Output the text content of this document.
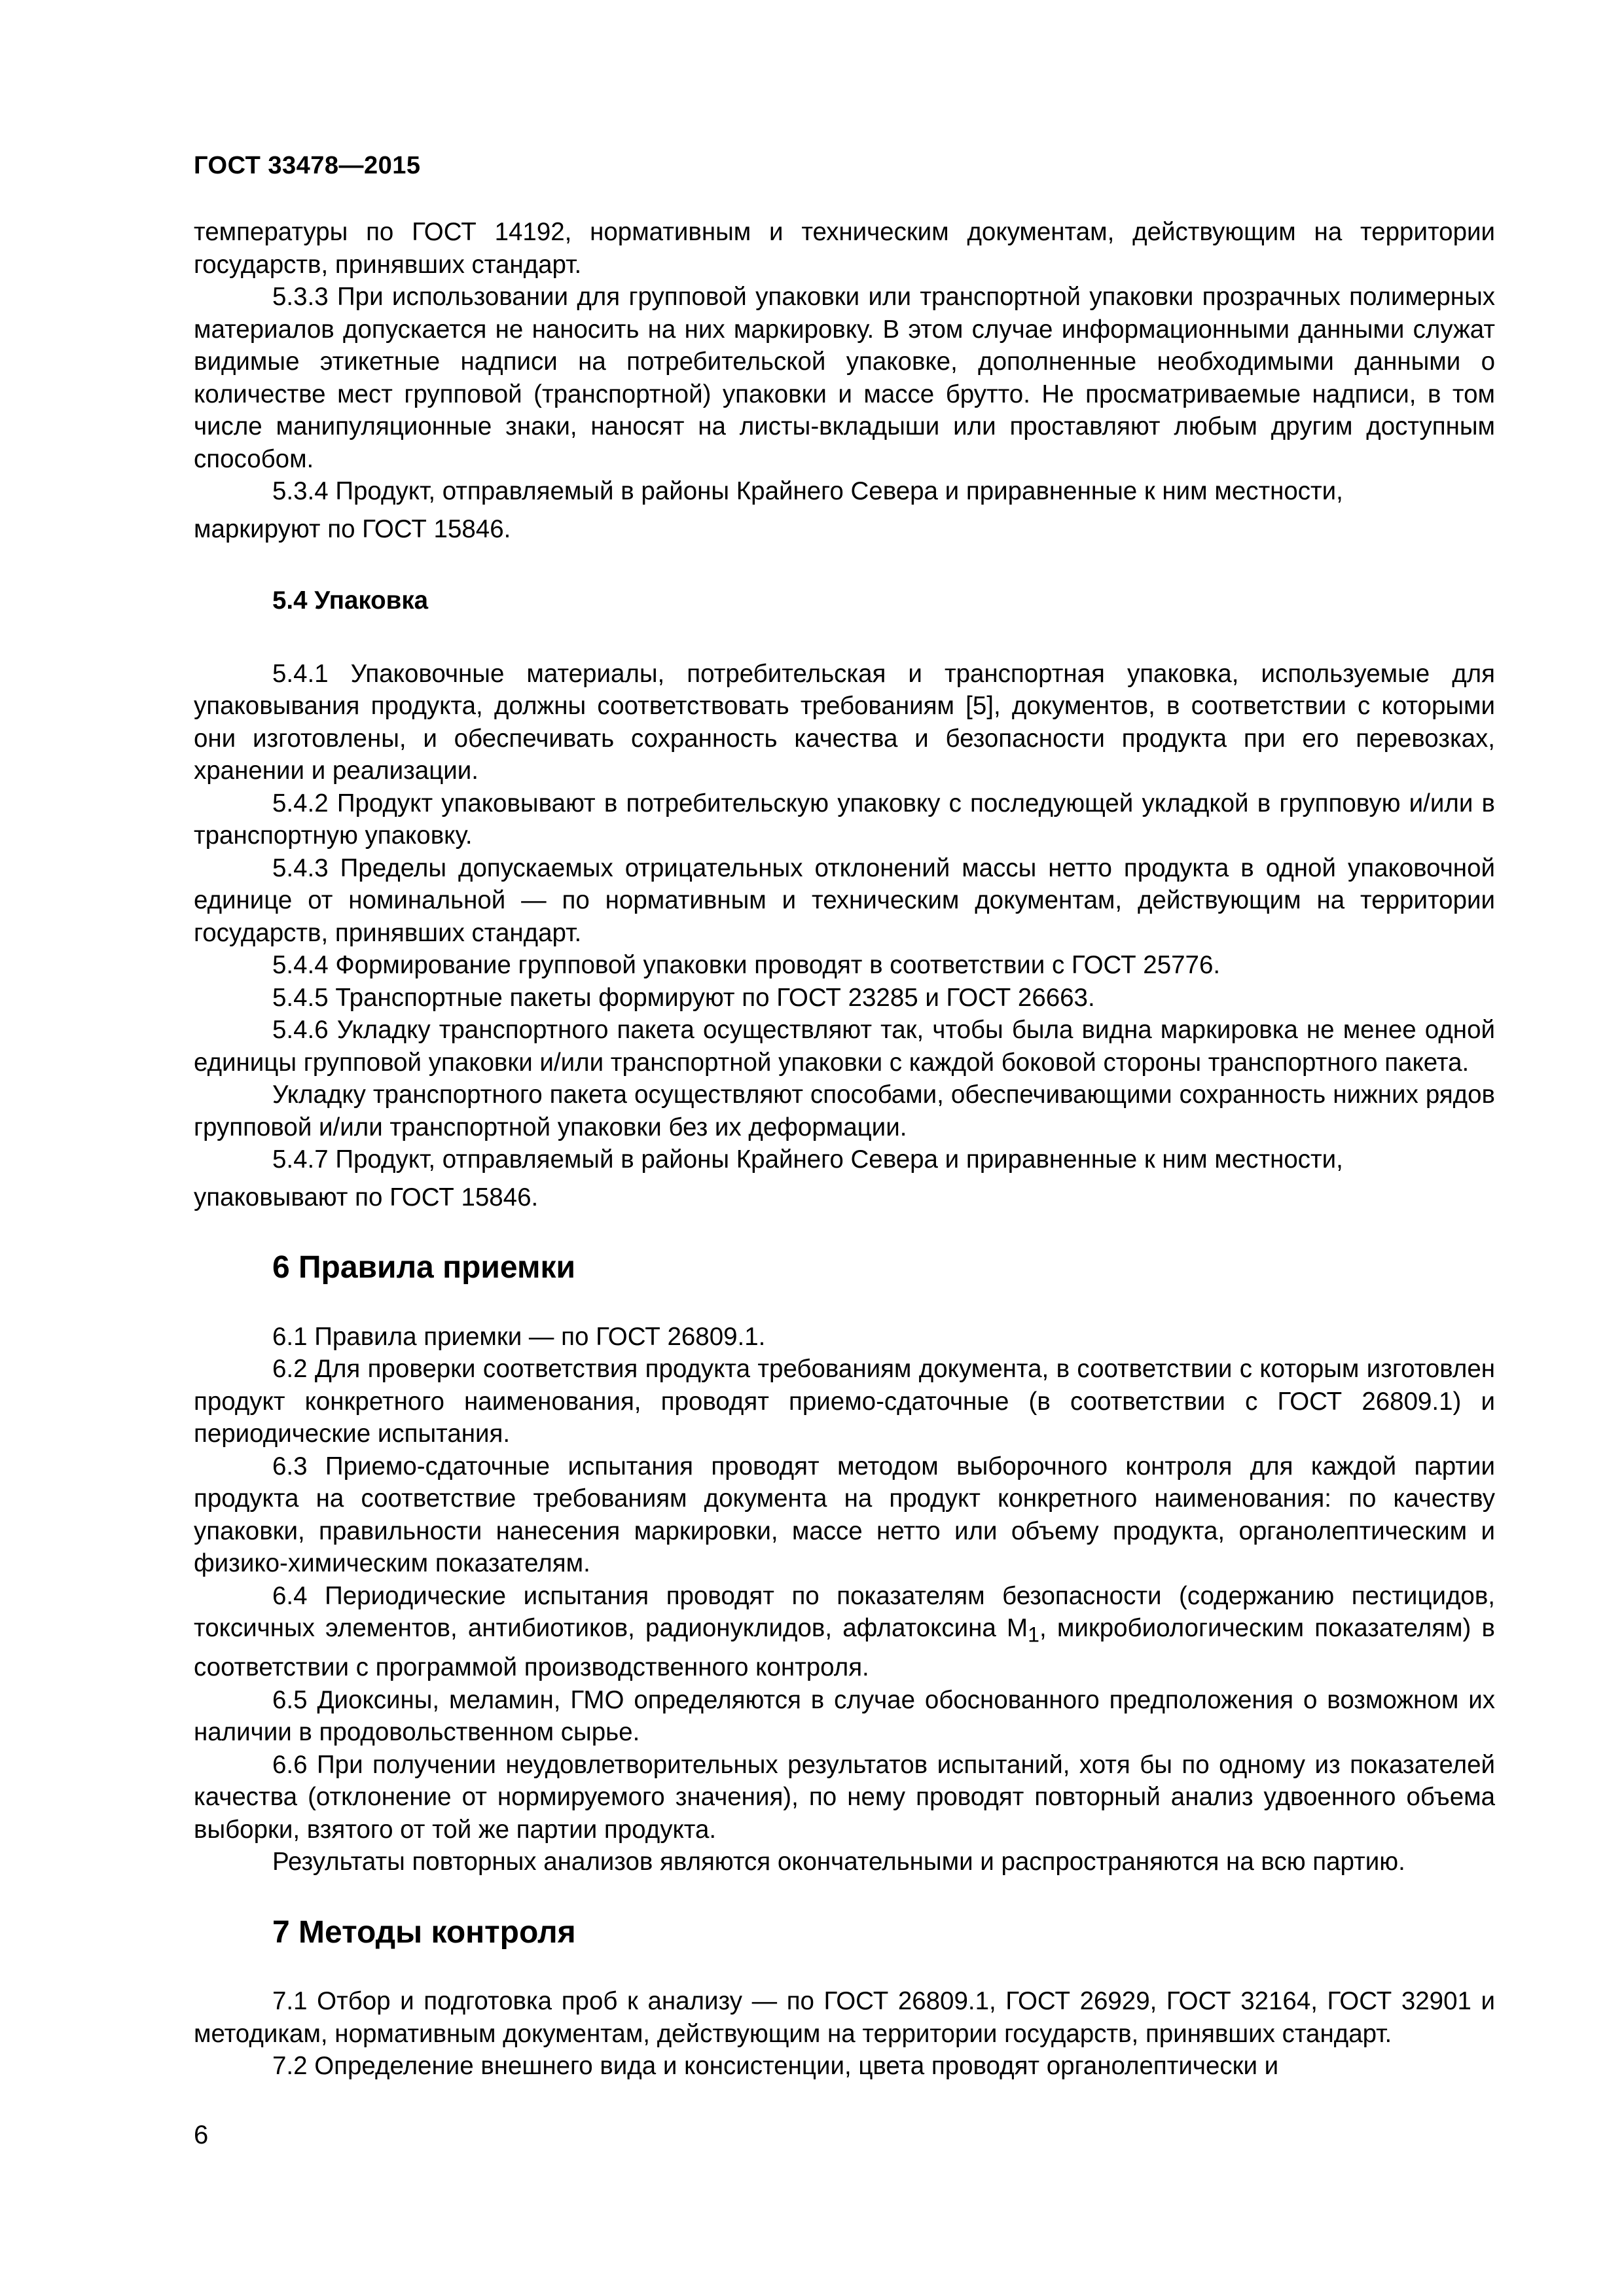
ГОСТ 33478—2015

температуры по ГОСТ 14192, нормативным и техническим документам, действующим на территории государств, принявших стандарт.

5.3.3 При использовании для групповой упаковки или транспортной упаковки прозрачных полимерных материалов допускается не наносить на них маркировку. В этом случае информационными данными служат видимые этикетные надписи на потребительской упаковке, дополненные необходимыми данными о количестве мест групповой (транспортной) упаковки и массе брутто. Не просматриваемые надписи, в том числе манипуляционные знаки, наносят на листы-вкладыши или проставляют любым другим доступным способом.

5.3.4 Продукт, отправляемый в районы Крайнего Севера и приравненные к ним местности,

маркируют по ГОСТ 15846.

5.4 Упаковка

5.4.1 Упаковочные материалы, потребительская и транспортная упаковка, используемые для упаковывания продукта, должны соответствовать требованиям [5], документов, в соответствии с которыми они изготовлены, и обеспечивать сохранность качества и безопасности продукта при его перевозках, хранении и реализации.

5.4.2 Продукт упаковывают в потребительскую упаковку с последующей укладкой в групповую и/или в транспортную упаковку.

5.4.3 Пределы допускаемых отрицательных отклонений массы нетто продукта в одной упаковочной единице от номинальной — по нормативным и техническим документам, действующим на территории государств, принявших стандарт.

5.4.4 Формирование групповой упаковки проводят в соответствии с ГОСТ 25776.

5.4.5 Транспортные пакеты формируют по ГОСТ 23285 и ГОСТ 26663.

5.4.6 Укладку транспортного пакета осуществляют так, чтобы была видна маркировка не менее одной единицы групповой упаковки и/или транспортной упаковки с каждой боковой стороны транспортного пакета.

Укладку транспортного пакета осуществляют способами, обеспечивающими сохранность нижних рядов групповой и/или транспортной упаковки без их деформации.

5.4.7 Продукт, отправляемый в районы Крайнего Севера и приравненные к ним местности,

упаковывают по ГОСТ 15846.

6 Правила приемки

6.1 Правила приемки — по ГОСТ 26809.1.

6.2 Для проверки соответствия продукта требованиям документа, в соответствии с которым изготовлен продукт конкретного наименования, проводят приемо-сдаточные (в соответствии с ГОСТ 26809.1) и периодические испытания.

6.3 Приемо-сдаточные испытания проводят методом выборочного контроля для каждой партии продукта на соответствие требованиям документа на продукт конкретного наименования: по качеству упаковки, правильности нанесения маркировки, массе нетто или объему продукта, органолептическим и физико-химическим показателям.

6.4 Периодические испытания проводят по показателям безопасности (содержанию пестицидов, токсичных элементов, антибиотиков, радионуклидов, афлатоксина $М_1$, микробиологическим показателям) в соответствии с программой производственного контроля.

6.5 Диоксины, меламин, ГМО определяются в случае обоснованного предположения о возможном их наличии в продовольственном сырье.

6.6 При получении неудовлетворительных результатов испытаний, хотя бы по одному из показателей качества (отклонение от нормируемого значения), по нему проводят повторный анализ удвоенного объема выборки, взятого от той же партии продукта.

Результаты повторных анализов являются окончательными и распространяются на всю партию.

7 Методы контроля

7.1 Отбор и подготовка проб к анализу — по ГОСТ 26809.1, ГОСТ 26929, ГОСТ 32164, ГОСТ 32901 и методикам, нормативным документам, действующим на территории государств, принявших стандарт.

7.2 Определение внешнего вида и консистенции, цвета проводят органолептически и

6
